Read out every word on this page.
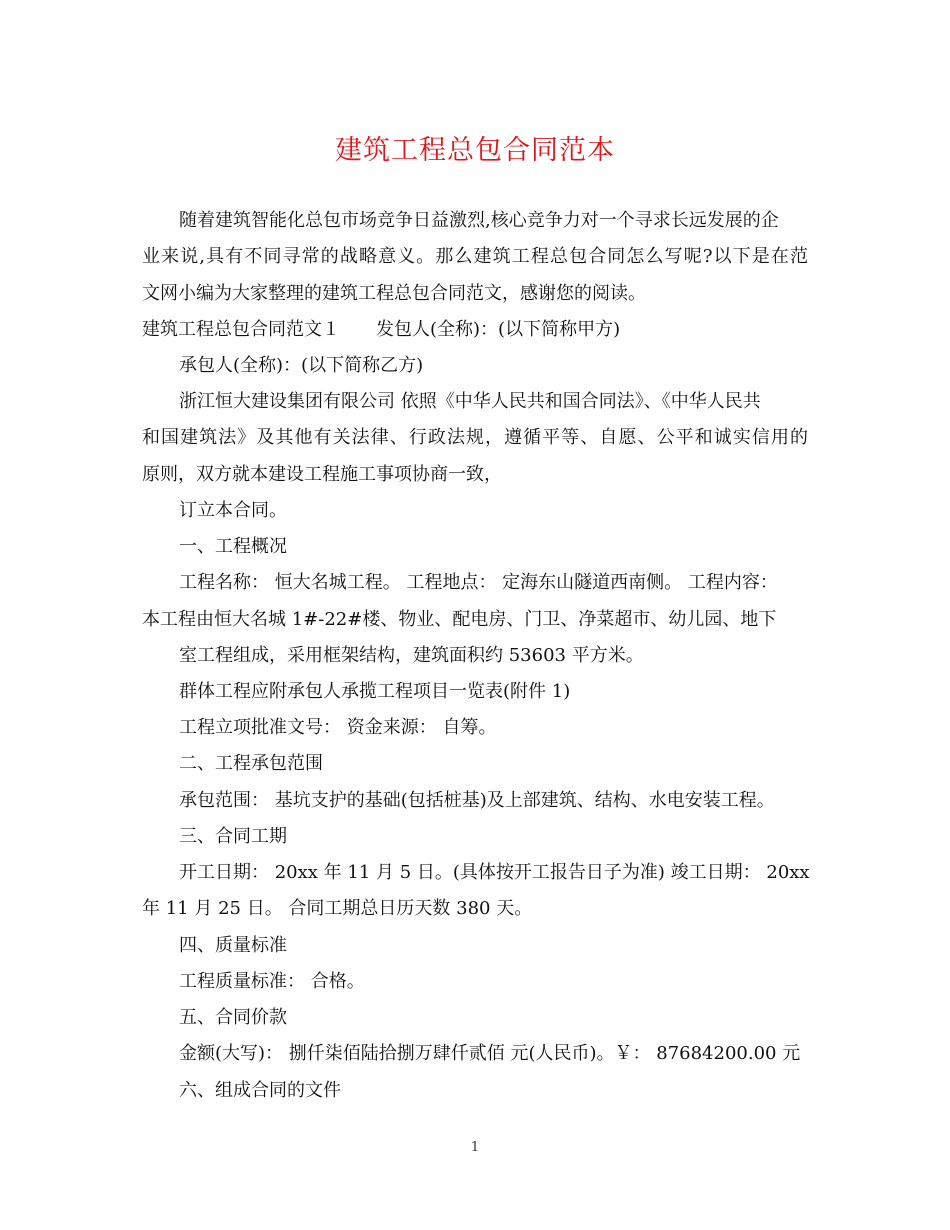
建筑工程总包合同范本

随着建筑智能化总包市场竞争日益激烈,核心竞争力对一个寻求长远发展的企

业来说,具有不同寻常的战略意义。那么建筑工程总包合同怎么写呢?以下是在范

文网小编为大家整理的建筑工程总包合同范文，感谢您的阅读。

建筑工程总包合同范文１　　发包人(全称)：(以下简称甲方)

承包人(全称)：(以下简称乙方)

浙江恒大建设集团有限公司 依照《中华人民共和国合同法》、《中华人民共

和国建筑法》及其他有关法律、行政法规，遵循平等、自愿、公平和诚实信用的

原则，双方就本建设工程施工事项协商一致，

订立本合同。

一、工程概况

工程名称： 恒大名城工程。 工程地点： 定海东山隧道西南侧。 工程内容：

本工程由恒大名城 1#-22#楼、物业、配电房、门卫、净菜超市、幼儿园、地下

室工程组成，采用框架结构，建筑面积约 53603 平方米。

群体工程应附承包人承揽工程项目一览表(附件 1)

工程立项批准文号： 资金来源： 自筹。

二、工程承包范围

承包范围： 基坑支护的基础(包括桩基)及上部建筑、结构、水电安装工程。

三、合同工期

开工日期： 20xx 年 11 月 5 日。(具体按开工报告日子为准) 竣工日期： 20xx

年 11 月 25 日。 合同工期总日历天数 380 天。

四、质量标准

工程质量标准： 合格。

五、合同价款

金额(大写)： 捌仟柒佰陆拾捌万肆仟贰佰 元(人民币)。￥： 87684200.00 元

六、组成合同的文件

1
